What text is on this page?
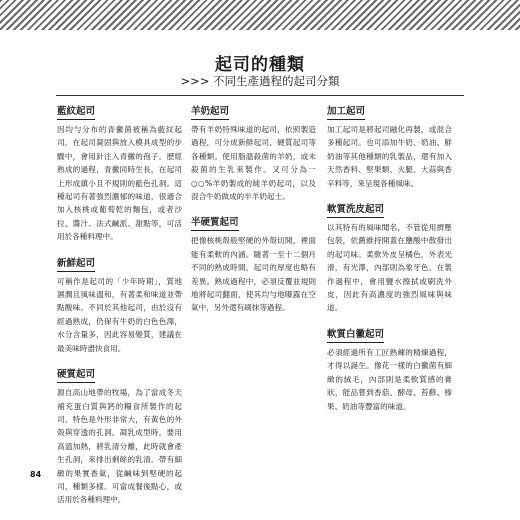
起司的種類
>>> 不同生產過程的起司分類
藍紋起司
因均勻分布的青黴菌被稱為藍紋起司。在起司凝固與放入模具成型的步驟中，會用針注入青黴的孢子。歷經熟成的過程，青黴同時生長，在起司上形成縝小且不規則的藍色孔洞。這種起司有著強烈濃郁的味道，很適合加入核桃或葡萄乾的麵包，或者沙拉、醬汁、法式鹹派、甜點等，可活用於各種料理中。
新鮮起司
可稱作是起司的「少年時期」，質地濕潤且風味溫和，有著柔和味道並帶點酸味。不同於其他起司，由於沒有經過熟成，仍保有牛奶的白色色澤，水分含量多，因此容易變質，建議在最美味時盡快食用。
硬質起司
源自高山地帶的牧場，為了當成冬天補充蛋白質與鈣的糧食所製作的起司。特色是外形非常大，有黃色的外殼與穿透的孔洞。凝乳成型時，要用高溫加熱，將乳清分離，此時就會產生孔洞，來排出剩餘的乳清。帶有細緻的果實香氣，從鹹味到堅硬的起司，種類多樣。可當成餐後點心，或活用於各種料理中。
羊奶起司
帶有羊奶特殊味道的起司，依照製造過程，可分成新鮮起司、硬質起司等各種類。使用脂溫殺菌的羊奶，或未殺菌的生乳來製作。又可分為一○○%羊奶製成的純羊奶起司，以及混合牛奶做成的半羊奶起士。
半硬質起司
把像核桃殼般堅硬的外殼切開，裡面能有柔軟的內涵。隨著一至十二個月不同的熟成時間，起司的厚度也略有差異。熟成過程中，必須反覆並規則地將起司翻面，使其均勻地曝露在空氣中，另外還有刷抹等過程。
加工起司
加工起司是將起司融化再製，或混合多種起司。也可添加牛奶、奶油、鮮奶油等其他種類的乳製品，還有加入天然香料、堅果類、火腿、大蒜與香辛料等，來呈現各種風味。
軟質洗皮起司
以其特有的風味聞名，不管從用擠壓包裝，依舊維持開蓋在鹽酸中散發出的起司味。柔軟外皮呈橘色，外表光滑，有光澤，內部則為象牙色。在製作過程中，會用鹽水擦拭或刷洗外皮，因此有高濃度的強烈風味與味道。
軟質白黴起司
必須經過所有工匠熟練的精煉過程，才得以誕生。像花一樣的白黴菌有細緻的絨毛，內部則是柔軟質感的膏狀，能品嘗到香菇、酵母、苔蘚、榛果、奶油等豐富的味道。
84
